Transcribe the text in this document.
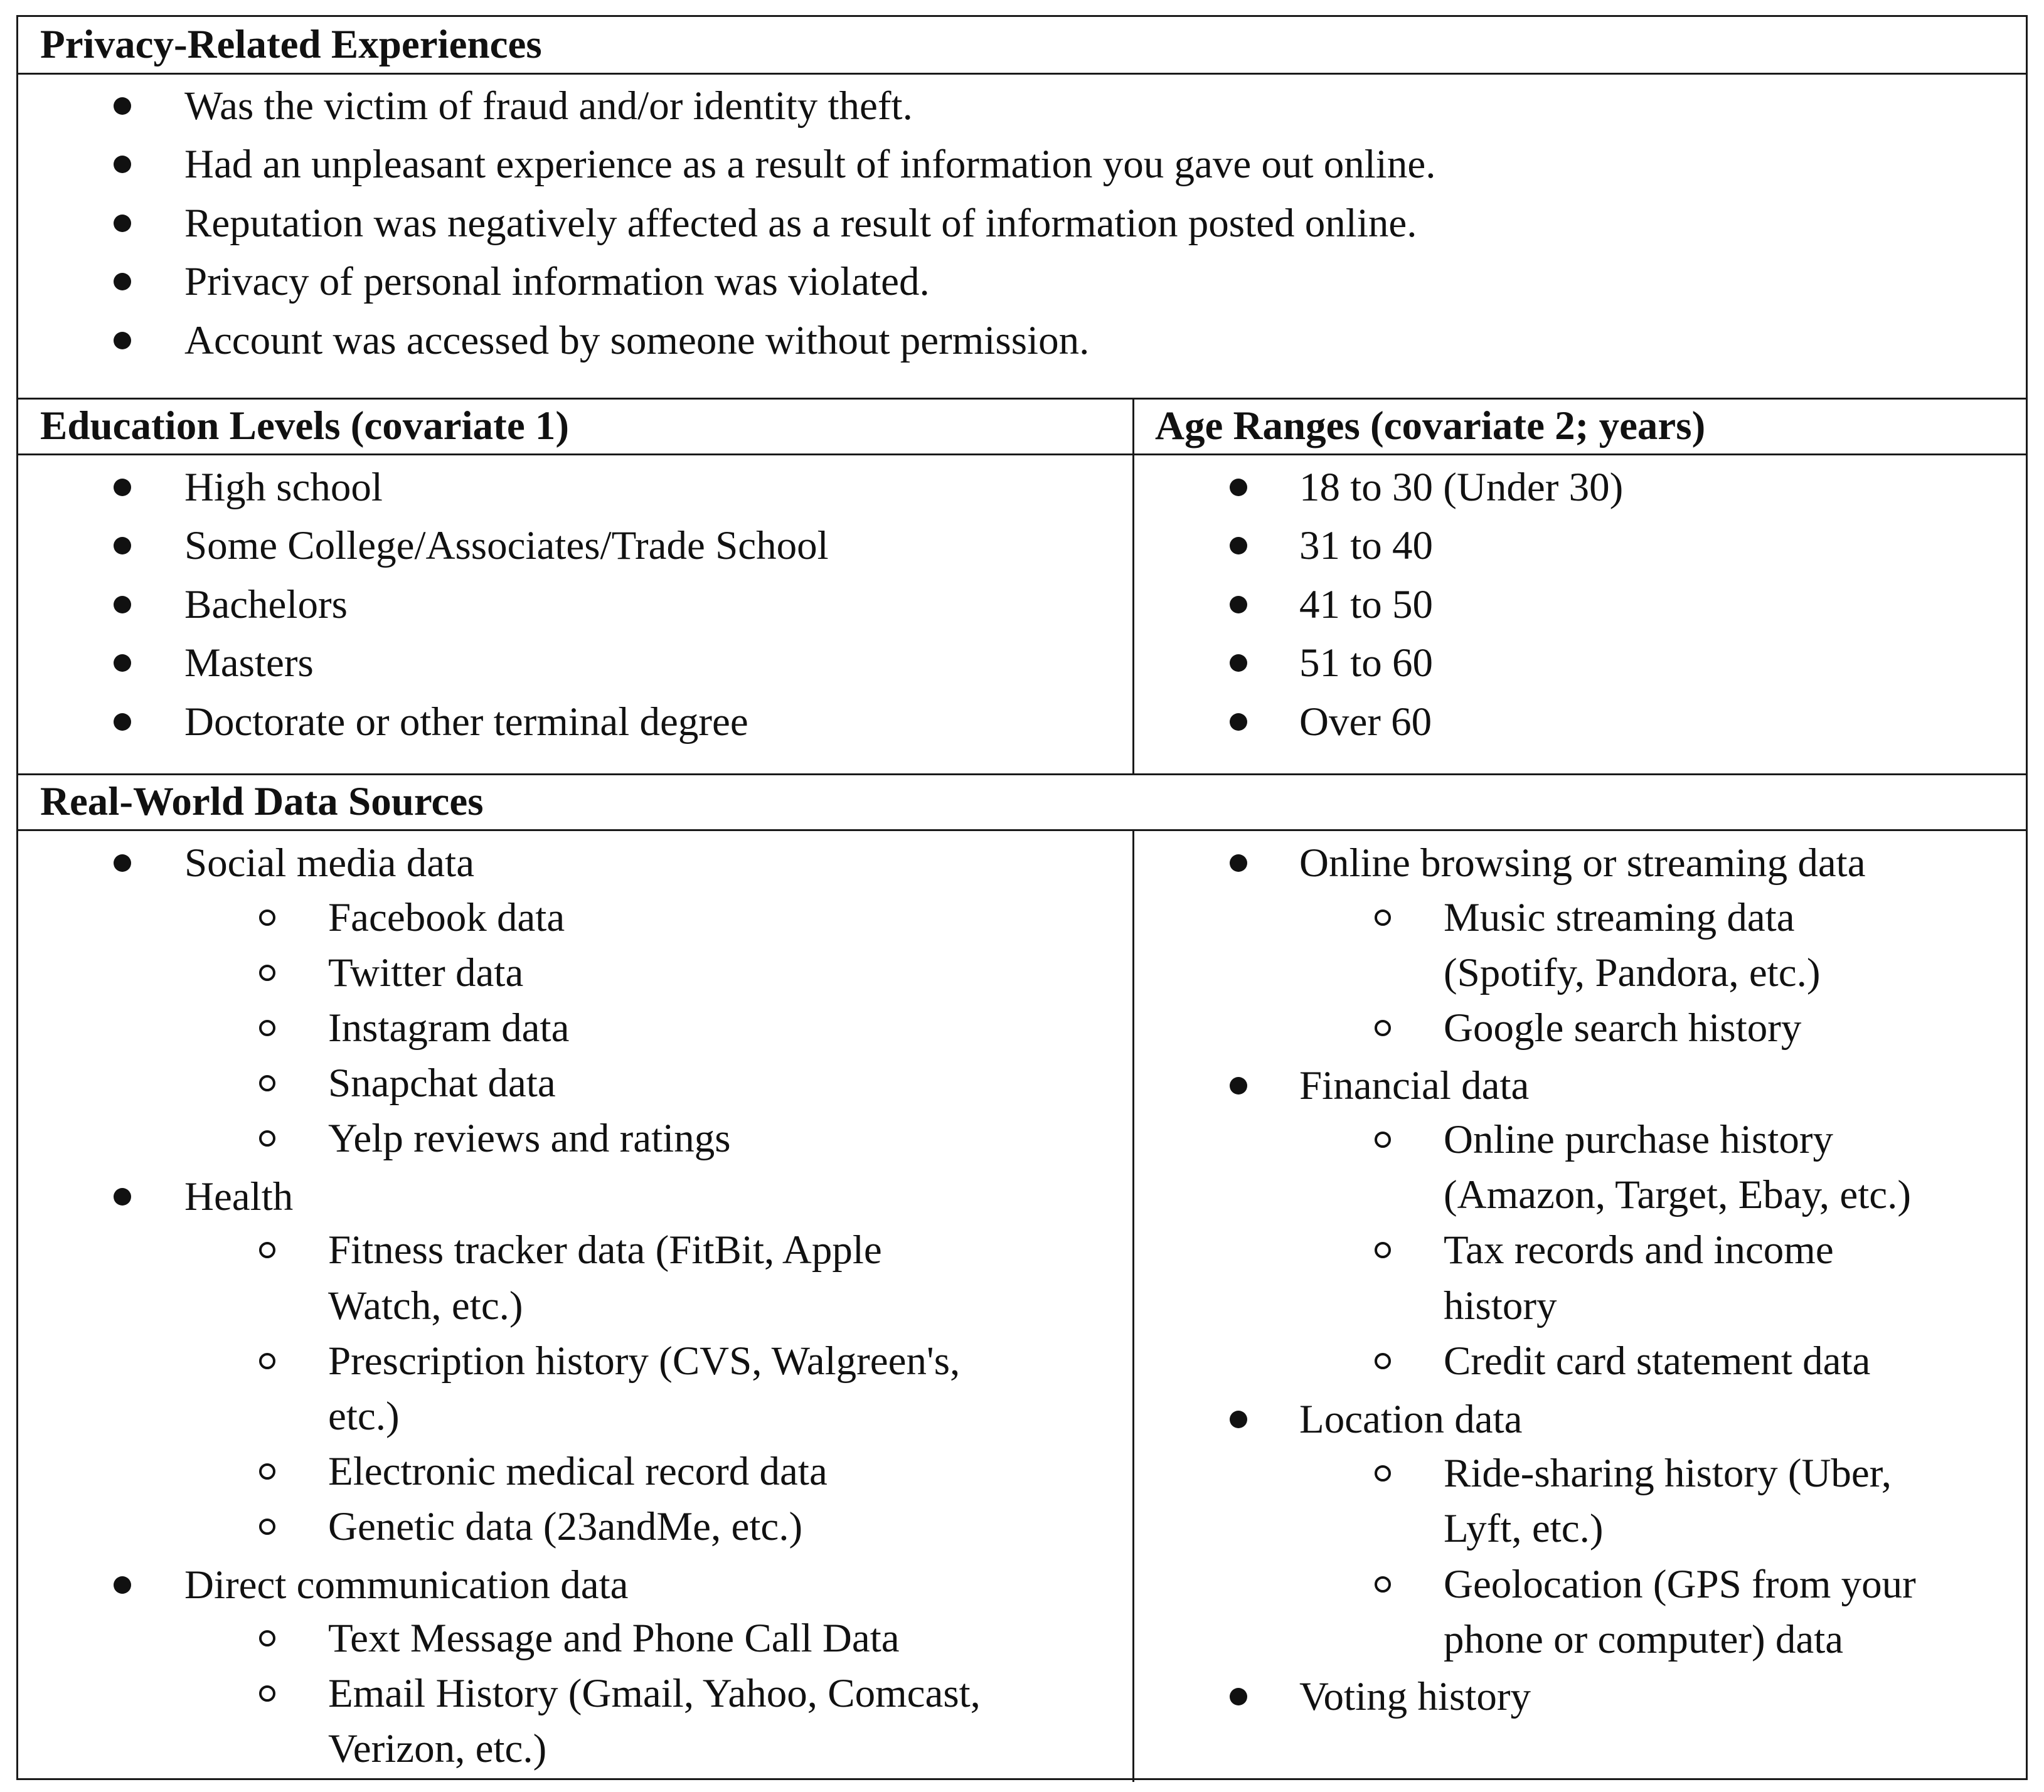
Privacy-Related Experiences
Was the victim of fraud and/or identity theft.
Had an unpleasant experience as a result of information you gave out online.
Reputation was negatively affected as a result of information posted online.
Privacy of personal information was violated.
Account was accessed by someone without permission.
Education Levels (covariate 1)	Age Ranges (covariate 2; years)
High school
Some College/Associates/Trade School
Bachelors
Masters
Doctorate or other terminal degree
18 to 30 (Under 30)
31 to 40
41 to 50
51 to 60
Over 60
Real-World Data Sources
Social media data
Facebook data
Twitter data
Instagram data
Snapchat data
Yelp reviews and ratings
Health
Fitness tracker data (FitBit, Apple
Watch, etc.)
Prescription history (CVS, Walgreen's,
etc.)
Electronic medical record data
Genetic data (23andMe, etc.)
Direct communication data
Text Message and Phone Call Data
Email History (Gmail, Yahoo, Comcast,
Verizon, etc.)
Online browsing or streaming data
Music streaming data
(Spotify, Pandora, etc.)
Google search history
Financial data
Online purchase history
(Amazon, Target, Ebay, etc.)
Tax records and income
history
Credit card statement data
Location data
Ride-sharing history (Uber,
Lyft, etc.)
Geolocation (GPS from your
phone or computer) data
Voting history
